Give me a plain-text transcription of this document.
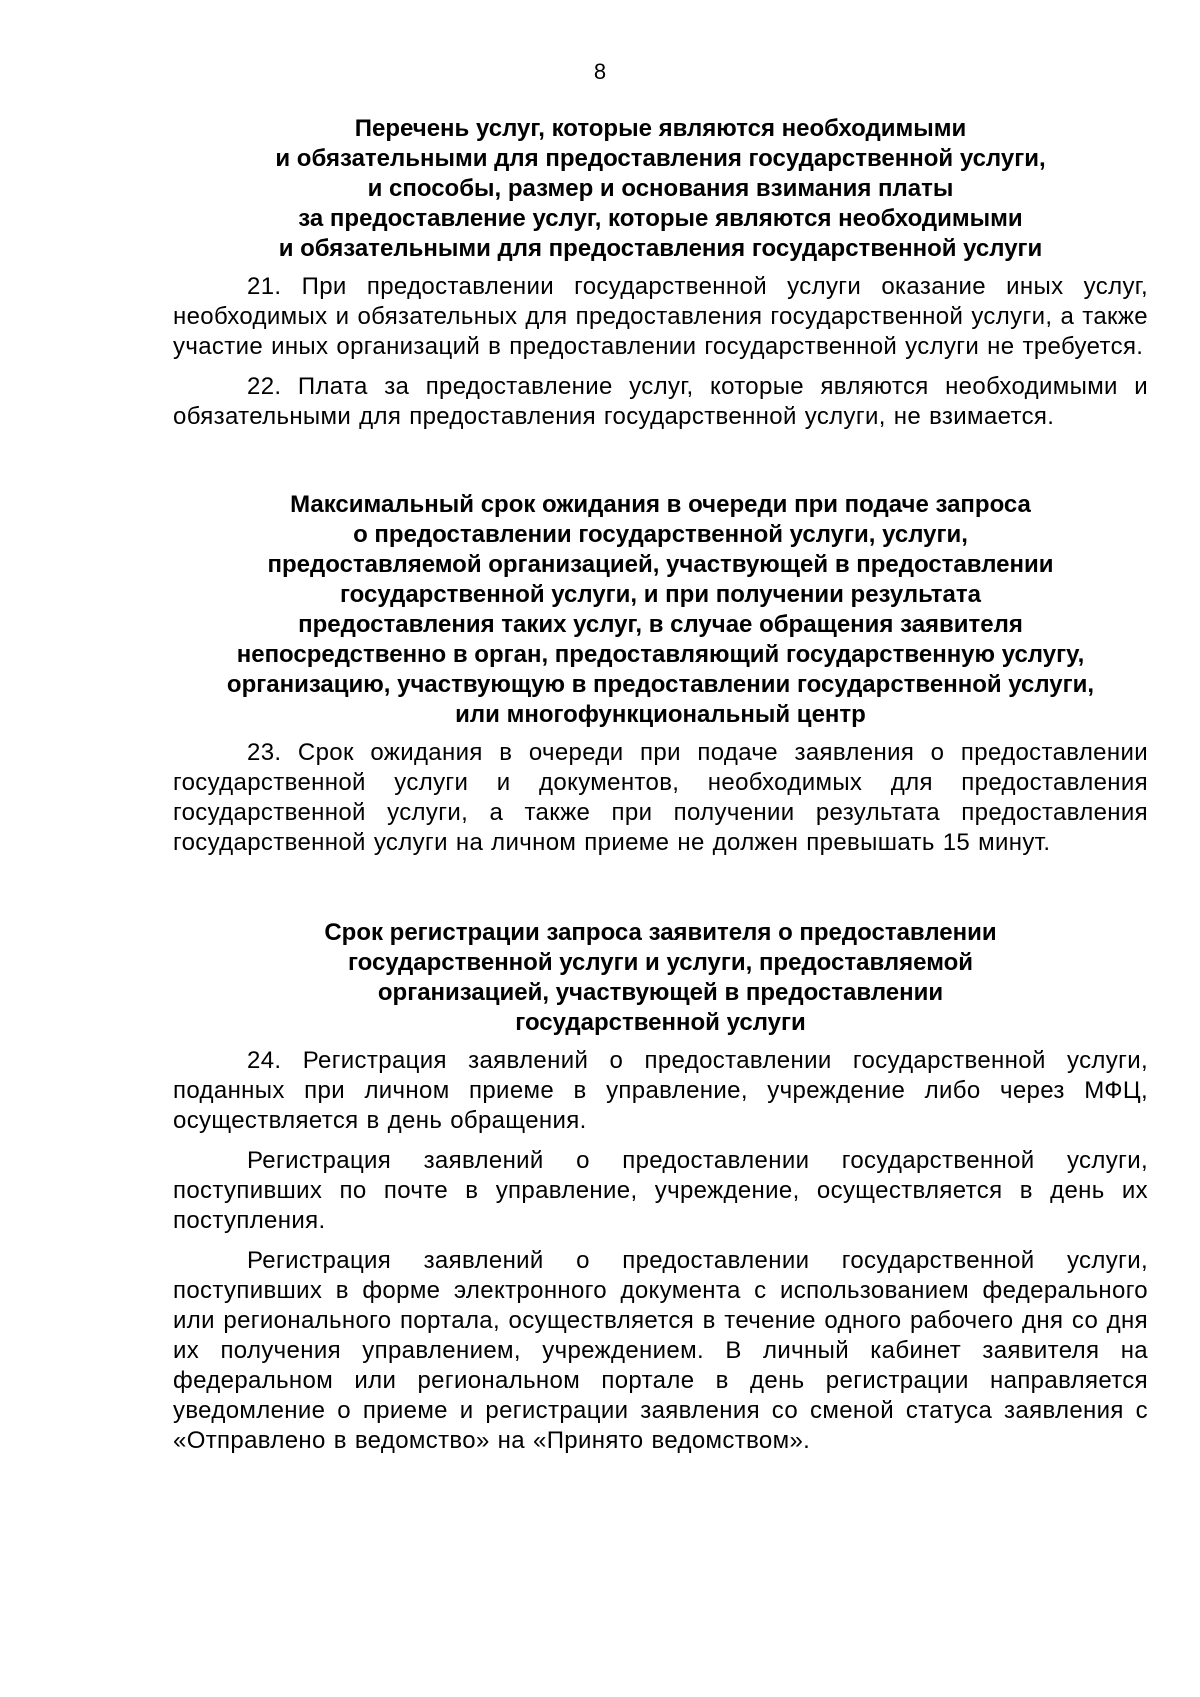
8
Перечень услуг, которые являются необходимыми
и обязательными для предоставления государственной услуги,
и способы, размер и основания взимания платы
за предоставление услуг, которые являются необходимыми
и обязательными для предоставления государственной услуги

21. При предоставлении государственной услуги оказание иных услуг, необходимых и обязательных для предоставления государственной услуги, а также участие иных организаций в предоставлении государственной услуги не требуется.

22. Плата за предоставление услуг, которые являются необходимыми и обязательными для предоставления государственной услуги, не взимается.

Максимальный срок ожидания в очереди при подаче запроса
о предоставлении государственной услуги, услуги,
предоставляемой организацией, участвующей в предоставлении
государственной услуги, и при получении результата
предоставления таких услуг, в случае обращения заявителя
непосредственно в орган, предоставляющий государственную услугу,
организацию, участвующую в предоставлении государственной услуги,
или многофункциональный центр

23. Срок ожидания в очереди при подаче заявления о предоставлении государственной услуги и документов, необходимых для предоставления государственной услуги, а также при получении результата предоставления государственной услуги на личном приеме не должен превышать 15 минут.

Срок регистрации запроса заявителя о предоставлении
государственной услуги и услуги, предоставляемой
организацией, участвующей в предоставлении
государственной услуги

24. Регистрация заявлений о предоставлении государственной услуги, поданных при личном приеме в управление, учреждение либо через МФЦ, осуществляется в день обращения.

Регистрация заявлений о предоставлении государственной услуги, поступивших по почте в управление, учреждение, осуществляется в день их поступления.

Регистрация заявлений о предоставлении государственной услуги, поступивших в форме электронного документа с использованием федерального или регионального портала, осуществляется в течение одного рабочего дня со дня их получения управлением, учреждением. В личный кабинет заявителя на федеральном или региональном портале в день регистрации направляется уведомление о приеме и регистрации заявления со сменой статуса заявления с «Отправлено в ведомство» на «Принято ведомством».
